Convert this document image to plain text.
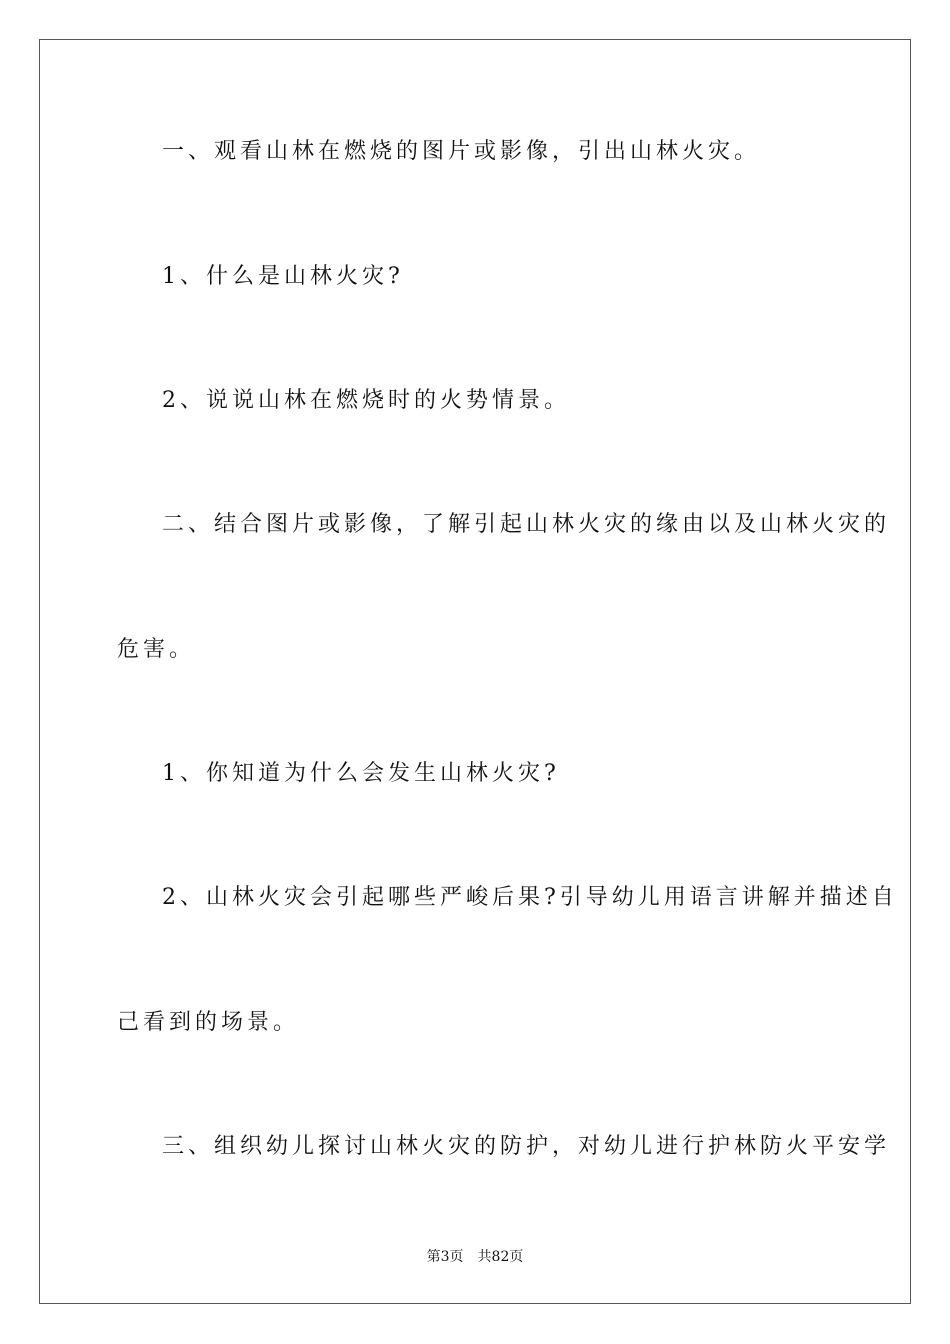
一、观看山林在燃烧的图片或影像，引出山林火灾。
1、什么是山林火灾?
2、说说山林在燃烧时的火势情景。
二、结合图片或影像，了解引起山林火灾的缘由以及山林火灾的
危害。
1、你知道为什么会发生山林火灾?
2、山林火灾会引起哪些严峻后果?引导幼儿用语言讲解并描述自
己看到的场景。
三、组织幼儿探讨山林火灾的防护，对幼儿进行护林防火平安学
第3页 共82页
